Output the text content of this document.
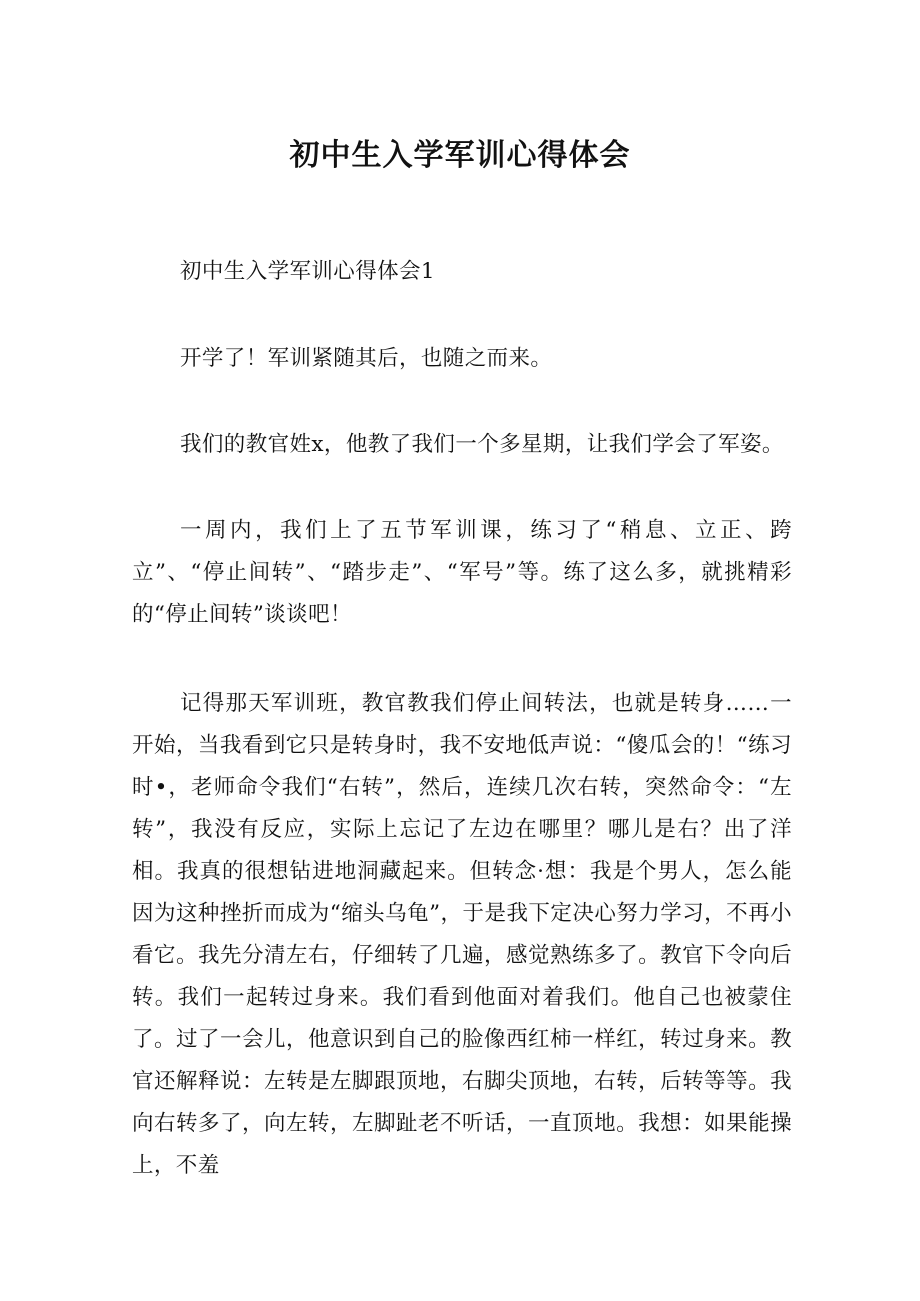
初中生入学军训心得体会

初中生入学军训心得体会1

开学了！军训紧随其后，也随之而来。

我们的教官姓x，他教了我们一个多星期，让我们学会了军姿。

一周内，我们上了五节军训课，练习了“稍息、立正、跨立”、“停止间转”、“踏步走”、“军号”等。练了这么多，就挑精彩的“停止间转”谈谈吧！

记得那天军训班，教官教我们停止间转法，也就是转身……一开始，当我看到它只是转身时，我不安地低声说：“傻瓜会的！“练习时•，老师命令我们“右转”，然后，连续几次右转，突然命令：“左转”，我没有反应，实际上忘记了左边在哪里？哪儿是右？出了洋相。我真的很想钻进地洞藏起来。但转念·想：我是个男人，怎么能因为这种挫折而成为“缩头乌龟”，于是我下定决心努力学习，不再小看它。我先分清左右，仔细转了几遍，感觉熟练多了。教官下令向后转。我们一起转过身来。我们看到他面对着我们。他自己也被蒙住了。过了一会儿，他意识到自己的脸像西红柿一样红，转过身来。教官还解释说：左转是左脚跟顶地，右脚尖顶地，右转，后转等等。我向右转多了，向左转，左脚趾老不听话，一直顶地。我想：如果能操上，不羞
